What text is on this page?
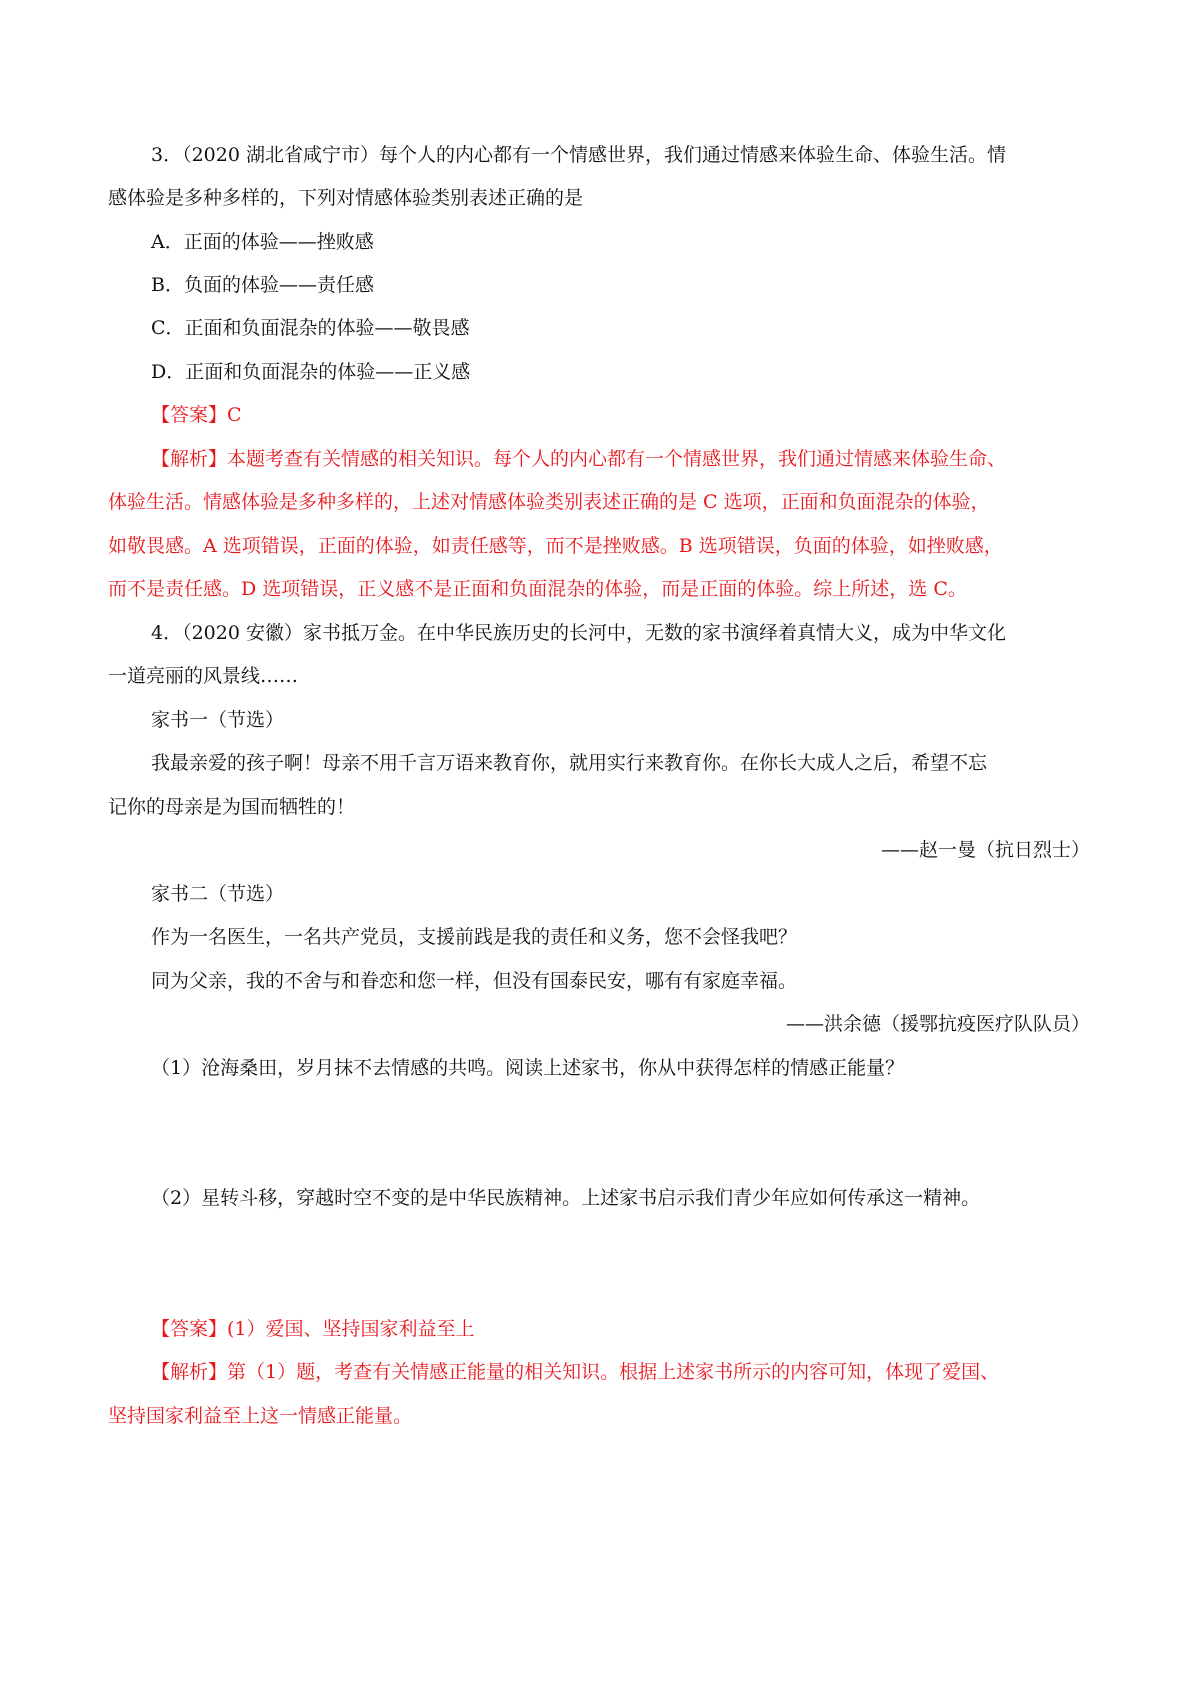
3．（2020 湖北省咸宁市）每个人的内心都有一个情感世界，我们通过情感来体验生命、体验生活。情
感体验是多种多样的，下列对情感体验类别表述正确的是
A．正面的体验——挫败感
B．负面的体验——责任感
C．正面和负面混杂的体验——敬畏感
D．正面和负面混杂的体验——正义感
【答案】C
【解析】本题考查有关情感的相关知识。每个人的内心都有一个情感世界，我们通过情感来体验生命、
体验生活。情感体验是多种多样的，上述对情感体验类别表述正确的是 C 选项，正面和负面混杂的体验，
如敬畏感。A 选项错误，正面的体验，如责任感等，而不是挫败感。B 选项错误，负面的体验，如挫败感，
而不是责任感。D 选项错误，正义感不是正面和负面混杂的体验，而是正面的体验。综上所述，选 C。
4．（2020 安徽）家书抵万金。在中华民族历史的长河中，无数的家书演绎着真情大义，成为中华文化
一道亮丽的风景线……
家书一（节选）
我最亲爱的孩子啊！母亲不用千言万语来教育你，就用实行来教育你。在你长大成人之后，希望不忘
记你的母亲是为国而牺牲的！
——赵一曼（抗日烈士）
家书二（节选）
作为一名医生，一名共产党员，支援前践是我的责任和义务，您不会怪我吧？
同为父亲，我的不舍与和眷恋和您一样，但没有国泰民安，哪有有家庭幸福。
——洪余德（援鄂抗疫医疗队队员）
（1）沧海桑田，岁月抹不去情感的共鸣。阅读上述家书，你从中获得怎样的情感正能量？
（2）星转斗移，穿越时空不变的是中华民族精神。上述家书启示我们青少年应如何传承这一精神。
【答案】(1）爱国、坚持国家利益至上
【解析】第（1）题，考查有关情感正能量的相关知识。根据上述家书所示的内容可知，体现了爱国、
坚持国家利益至上这一情感正能量。
